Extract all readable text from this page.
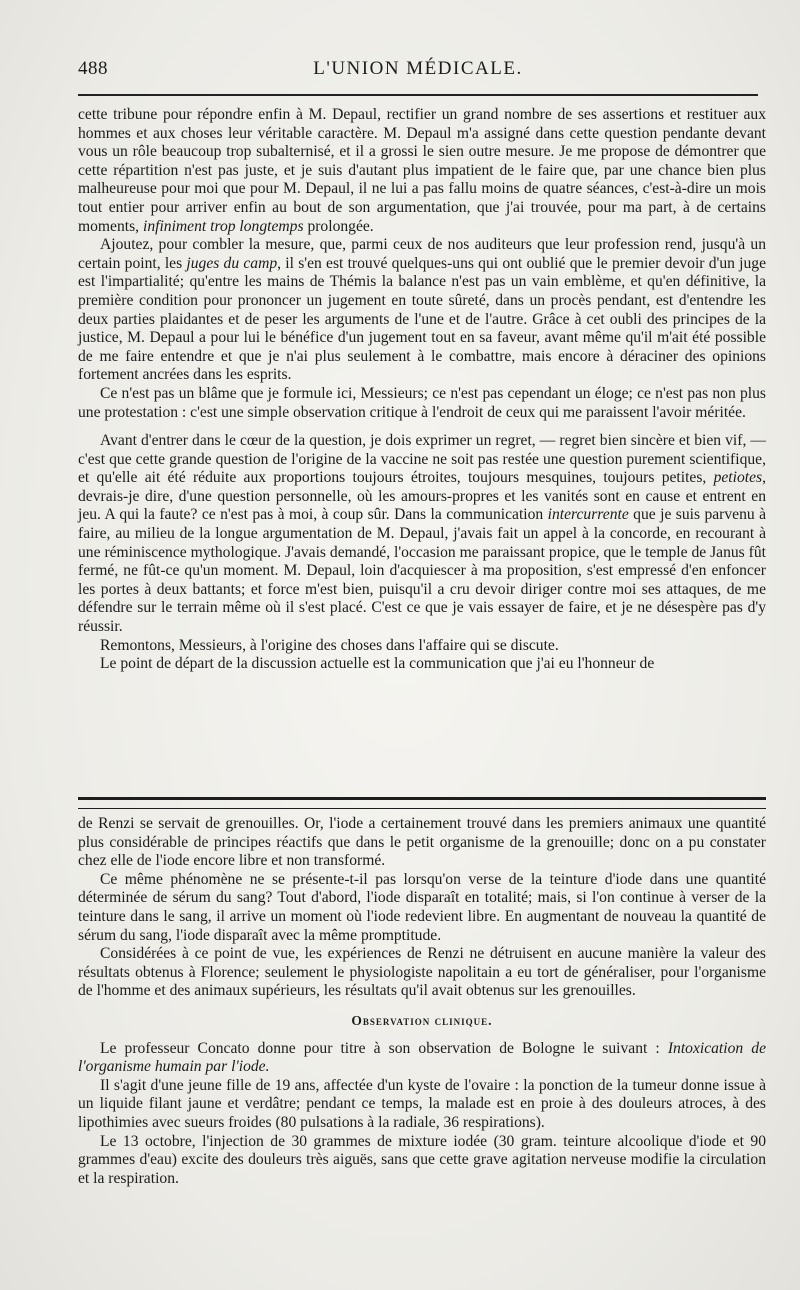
488	L'UNION MÉDICALE.

cette tribune pour répondre enfin à M. Depaul, rectifier un grand nombre de ses assertions et restituer aux hommes et aux choses leur véritable caractère. M. Depaul m'a assigné dans cette question pendante devant vous un rôle beaucoup trop subalternisé, et il a grossi le sien outre mesure. Je me propose de démontrer que cette répartition n'est pas juste, et je suis d'autant plus impatient de le faire que, par une chance bien plus malheureuse pour moi que pour M. Depaul, il ne lui a pas fallu moins de quatre séances, c'est-à-dire un mois tout entier pour arriver enfin au bout de son argumentation, que j'ai trouvée, pour ma part, à de certains moments, infiniment trop longtemps prolongée.

Ajoutez, pour combler la mesure, que, parmi ceux de nos auditeurs que leur profession rend, jusqu'à un certain point, les juges du camp, il s'en est trouvé quelques-uns qui ont oublié que le premier devoir d'un juge est l'impartialité; qu'entre les mains de Thémis la balance n'est pas un vain emblème, et qu'en définitive, la première condition pour prononcer un jugement en toute sûreté, dans un procès pendant, est d'entendre les deux parties plaidantes et de peser les arguments de l'une et de l'autre. Grâce à cet oubli des principes de la justice, M. Depaul a pour lui le bénéfice d'un jugement tout en sa faveur, avant même qu'il m'ait été possible de me faire entendre et que je n'ai plus seulement à le combattre, mais encore à déraciner des opinions fortement ancrées dans les esprits.

Ce n'est pas un blâme que je formule ici, Messieurs; ce n'est pas cependant un éloge; ce n'est pas non plus une protestation : c'est une simple observation critique à l'endroit de ceux qui me paraissent l'avoir méritée.

Avant d'entrer dans le cœur de la question, je dois exprimer un regret, — regret bien sincère et bien vif, — c'est que cette grande question de l'origine de la vaccine ne soit pas restée une question purement scientifique, et qu'elle ait été réduite aux proportions toujours étroites, toujours mesquines, toujours petites, petiotes, devrais-je dire, d'une question personnelle, où les amours-propres et les vanités sont en cause et entrent en jeu. A qui la faute? ce n'est pas à moi, à coup sûr. Dans la communication intercurrente que je suis parvenu à faire, au milieu de la longue argumentation de M. Depaul, j'avais fait un appel à la concorde, en recourant à une réminiscence mythologique. J'avais demandé, l'occasion me paraissant propice, que le temple de Janus fût fermé, ne fût-ce qu'un moment. M. Depaul, loin d'acquiescer à ma proposition, s'est empressé d'en enfoncer les portes à deux battants; et force m'est bien, puisqu'il a cru devoir diriger contre moi ses attaques, de me défendre sur le terrain même où il s'est placé. C'est ce que je vais essayer de faire, et je ne désespère pas d'y réussir.

Remontons, Messieurs, à l'origine des choses dans l'affaire qui se discute.

Le point de départ de la discussion actuelle est la communication que j'ai eu l'honneur de

de Renzi se servait de grenouilles. Or, l'iode a certainement trouvé dans les premiers animaux une quantité plus considérable de principes réactifs que dans le petit organisme de la grenouille; donc on a pu constater chez elle de l'iode encore libre et non transformé.

Ce même phénomène ne se présente-t-il pas lorsqu'on verse de la teinture d'iode dans une quantité déterminée de sérum du sang? Tout d'abord, l'iode disparaît en totalité; mais, si l'on continue à verser de la teinture dans le sang, il arrive un moment où l'iode redevient libre. En augmentant de nouveau la quantité de sérum du sang, l'iode disparaît avec la même promptitude.

Considérées à ce point de vue, les expériences de Renzi ne détruisent en aucune manière la valeur des résultats obtenus à Florence; seulement le physiologiste napolitain a eu tort de généraliser, pour l'organisme de l'homme et des animaux supérieurs, les résultats qu'il avait obtenus sur les grenouilles.

Observation clinique.

Le professeur Concato donne pour titre à son observation de Bologne le suivant : Intoxication de l'organisme humain par l'iode.

Il s'agit d'une jeune fille de 19 ans, affectée d'un kyste de l'ovaire : la ponction de la tumeur donne issue à un liquide filant jaune et verdâtre; pendant ce temps, la malade est en proie à des douleurs atroces, à des lipothimies avec sueurs froides (80 pulsations à la radiale, 36 respirations).

Le 13 octobre, l'injection de 30 grammes de mixture iodée (30 gram. teinture alcoolique d'iode et 90 grammes d'eau) excite des douleurs très aiguës, sans que cette grave agitation nerveuse modifie la circulation et la respiration.
